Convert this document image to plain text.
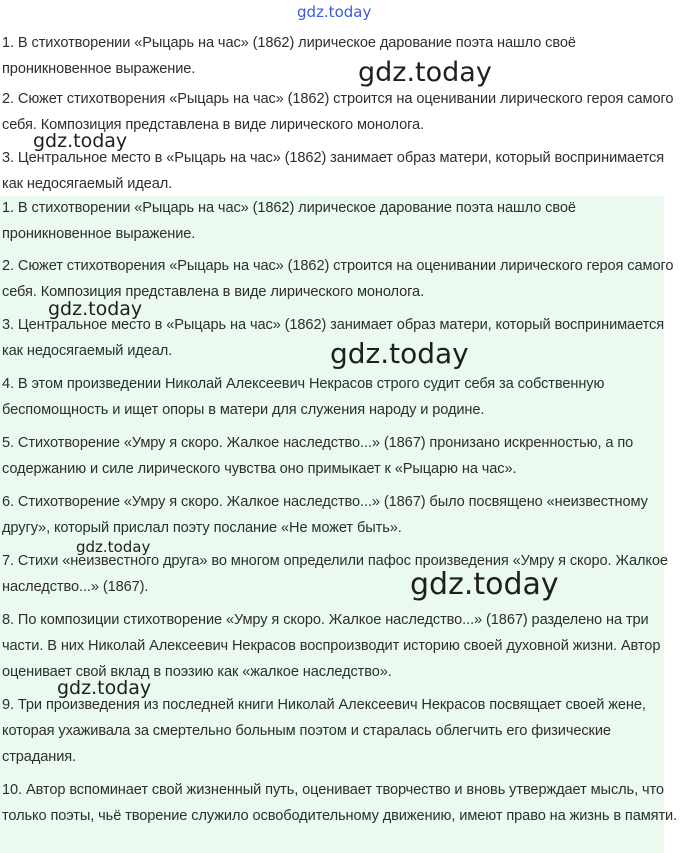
1. В стихотворении «Рыцарь на час» (1862) лирическое дарование поэта нашло своё проникновенное выражение.

2. Сюжет стихотворения «Рыцарь на час» (1862) строится на оценивании лирического героя самого себя. Композиция представлена в виде лирического монолога.

3. Центральное место в «Рыцарь на час» (1862) занимает образ матери, который воспринимается как недосягаемый идеал.

1. В стихотворении «Рыцарь на час» (1862) лирическое дарование поэта нашло своё проникновенное выражение.

2. Сюжет стихотворения «Рыцарь на час» (1862) строится на оценивании лирического героя самого себя. Композиция представлена в виде лирического монолога.

3. Центральное место в «Рыцарь на час» (1862) занимает образ матери, который воспринимается как недосягаемый идеал.

4. В этом произведении Николай Алексеевич Некрасов строго судит себя за собственную беспомощность и ищет опоры в матери для служения народу и родине.

5. Стихотворение «Умру я скоро. Жалкое наследство...» (1867) пронизано искренностью, а по содержанию и силе лирического чувства оно примыкает к «Рыцарю на час».

6. Стихотворение «Умру я скоро. Жалкое наследство...» (1867) было посвящено «неизвестному другу», который прислал поэту послание «Не может быть».

7. Стихи «неизвестного друга» во многом определили пафос произведения «Умру я скоро. Жалкое наследство...» (1867).

8. По композиции стихотворение «Умру я скоро. Жалкое наследство...» (1867) разделено на три части. В них Николай Алексеевич Некрасов воспроизводит историю своей духовной жизни. Автор оценивает свой вклад в поэзию как «жалкое наследство».

9. Три произведения из последней книги Николай Алексеевич Некрасов посвящает своей жене, которая ухаживала за смертельно больным поэтом и старалась облегчить его физические страдания.

10. Автор вспоминает свой жизненный путь, оценивает творчество и вновь утверждает мысль, что только поэты, чьё творение служило освободительному движению, имеют право на жизнь в памяти.

gdz.today
gdz.today
gdz.today
gdz.today
gdz.today
gdz.today
gdz.today
gdz.today
